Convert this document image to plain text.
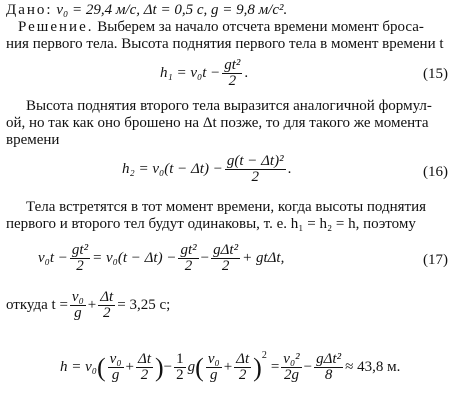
Дано: v₀ = 29,4 м/с, Δt = 0,5 с, g = 9,8 м/с².
Решение. Выберем за начало отсчета времени момент броса-
ния первого тела. Высота поднятия первого тела в момент времени t
$h_1 = v_0t - \frac{\text{gt²}}{2}$ .	(15)
Высота поднятия второго тела выразится аналогичной формул-
ой, но так как оно брошено на Δt позже, то для такого же момента
времени
$h_2 = v_0(t - \Delta t) - \frac{\text{g(t − Δt)²}}{2}$ .	(16)
Тела встретятся в тот момент времени, когда высоты поднятия
первого и второго тел будут одинаковы, т. е. h₁ = h₂ = h, поэтому
$v_0t - \frac{\text{gt²}}{2} = v_0(t - \Delta t) - \frac{\text{gt²}}{2} - \frac{\text{gΔt²}}{2} + gt\Delta t$,	(17)
откуда $t = \frac{\text{v₀}}{g} + \frac{\Delta t}{2} = 3,25$ с;
h = v₀ ( $\frac{\text{v₀}}{g} + \frac{\Delta t}{2}$ ) − $\frac{1}{2}$ g ( $\frac{\text{v₀}}{g} + \frac{\Delta t}{2} )^2$
= $\frac{\text{v₀²}}{2g} - \frac{\text{gΔt²}}{8} \approx 43,8$ м.
